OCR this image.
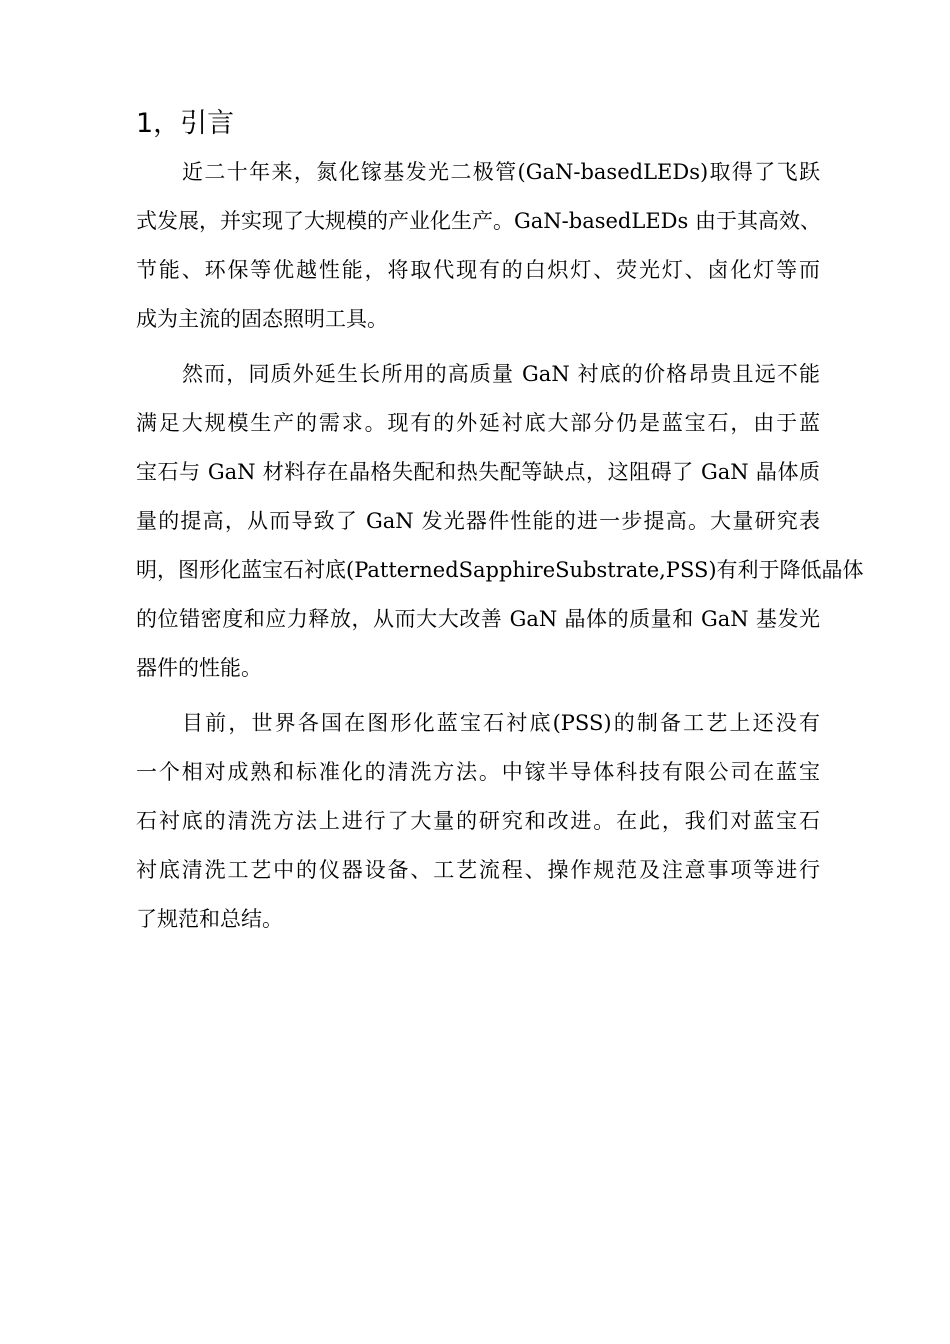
1，引言

近二十年来，氮化镓基发光二极管(GaN-basedLEDs)取得了飞跃
式发展，并实现了大规模的产业化生产。GaN-basedLEDs 由于其高效、
节能、环保等优越性能，将取代现有的白炽灯、荧光灯、卤化灯等而
成为主流的固态照明工具。

然而，同质外延生长所用的高质量 GaN 衬底的价格昂贵且远不能
满足大规模生产的需求。现有的外延衬底大部分仍是蓝宝石，由于蓝
宝石与 GaN 材料存在晶格失配和热失配等缺点，这阻碍了 GaN 晶体质
量的提高，从而导致了 GaN 发光器件性能的进一步提高。大量研究表
明，图形化蓝宝石衬底(PatternedSapphireSubstrate,PSS)有利于降低晶体
的位错密度和应力释放，从而大大改善 GaN 晶体的质量和 GaN 基发光
器件的性能。

目前，世界各国在图形化蓝宝石衬底(PSS)的制备工艺上还没有
一个相对成熟和标准化的清洗方法。中镓半导体科技有限公司在蓝宝
石衬底的清洗方法上进行了大量的研究和改进。在此，我们对蓝宝石
衬底清洗工艺中的仪器设备、工艺流程、操作规范及注意事项等进行
了规范和总结。
